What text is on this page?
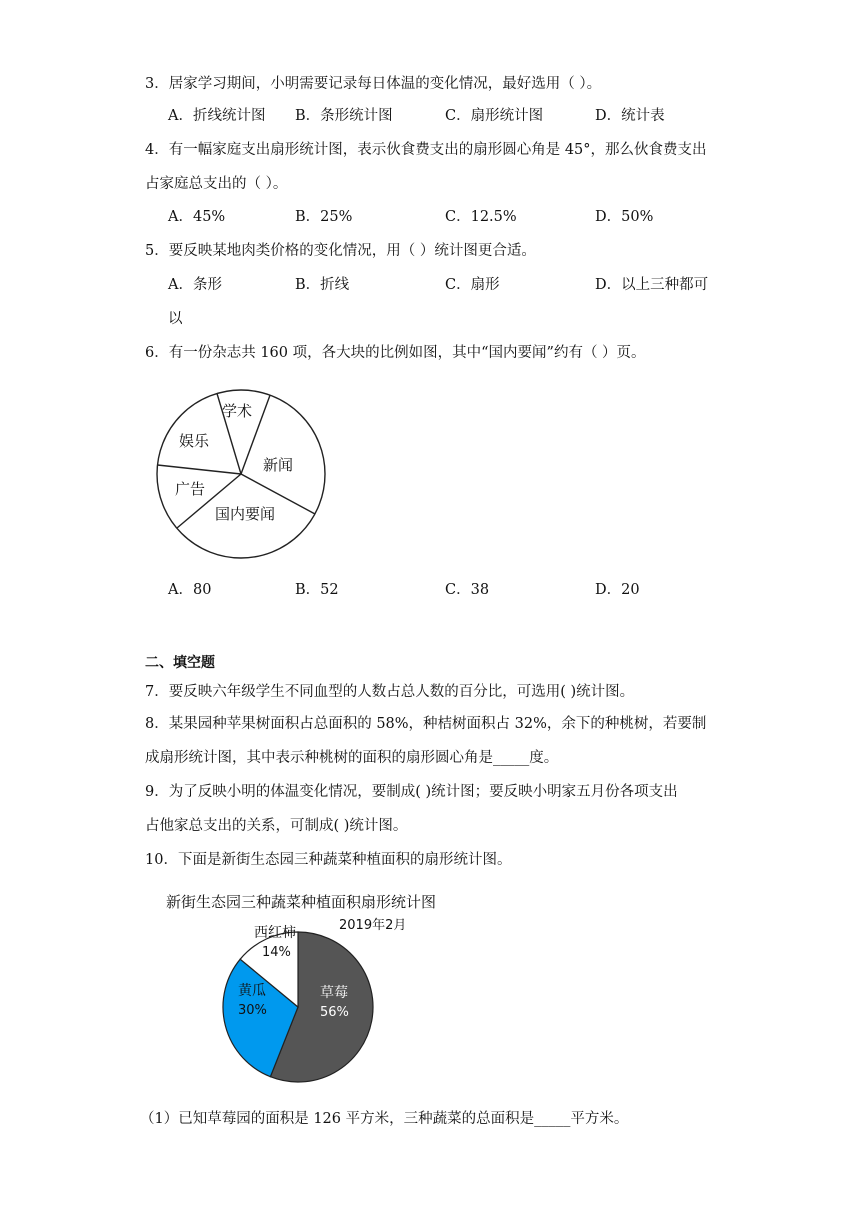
3．居家学习期间，小明需要记录每日体温的变化情况，最好选用（ ）。
A．折线统计图 B．条形统计图	C．扇形统计图	D．统计表
4．有一幅家庭支出扇形统计图，表示伙食费支出的扇形圆心角是 45°，那么伙食费支出
占家庭总支出的（ ）。
A．45%	B．25%	C．12.5%	D．50%
5．要反映某地肉类价格的变化情况，用（ ）统计图更合适。
A．条形	B．折线	C．扇形	D．以上三种都可
以
6．有一份杂志共 160 项，各大块的比例如图，其中“国内要闻”约有（ ）页。
学术
新闻
国内要闻
广告
娱乐
A．80	B．52	C．38	D．20
二、填空题
7．要反映六年级学生不同血型的人数占总人数的百分比，可选用( )统计图。
8．某果园种苹果树面积占总面积的 58%，种桔树面积占 32%，余下的种桃树，若要制
成扇形统计图，其中表示种桃树的面积的扇形圆心角是_____度。
9．为了反映小明的体温变化情况，要制成( )统计图；要反映小明家五月份各项支出
占他家总支出的关系，可制成( )统计图。
10．下面是新街生态园三种蔬菜种植面积的扇形统计图。
新街生态园三种蔬菜种植面积扇形统计图
2019年2月
草莓
56%
黄瓜
30%
西红柿
14%
（1）已知草莓园的面积是 126 平方米，三种蔬菜的总面积是_____平方米。
